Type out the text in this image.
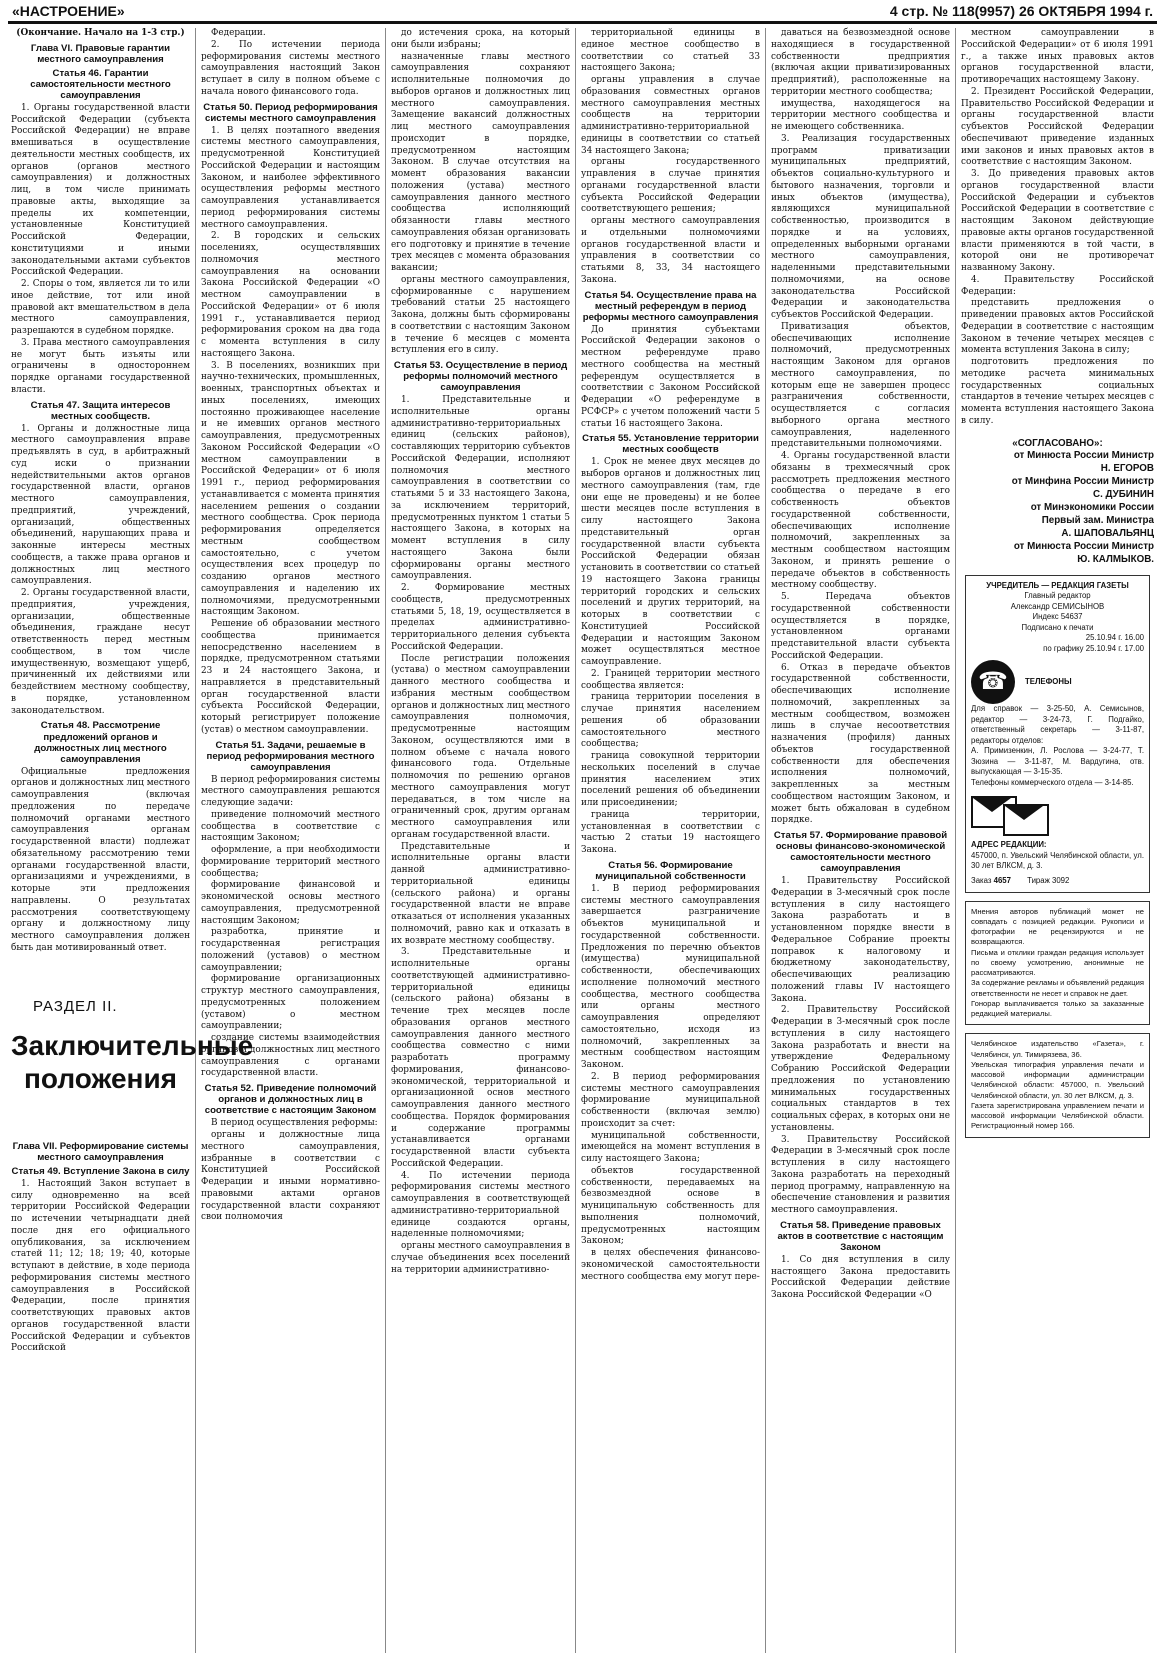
«НАСТРОЕНИЕ»	4 стр. № 118(9957) 26 ОКТЯБРЯ 1994 г.

(Окончание. Начало на 1-3 стр.)

Глава VI. Правовые гарантии местного самоуправления
Статья 46. Гарантии самостоятельности местного самоуправления

1. Органы государственной власти Российской Федерации (субъекта Российской Федерации) не вправе вмешиваться в осуществление деятельности местных сообществ, их органов (органов местного самоуправления) и должностных лиц, в том числе принимать правовые акты, выходящие за пределы их компетенции, установленные Конституцией Российской Федерации, конституциями и иными законодательными актами субъектов Российской Федерации.

2. Споры о том, является ли то или иное действие, тот или иной правовой акт вмешательством в дела местного самоуправления, разрешаются в судебном порядке.

3. Права местного самоуправления не могут быть изъяты или ограничены в одностороннем порядке органами государственной власти.

Статья 47. Защита интересов местных сообществ.

1. Органы и должностные лица местного самоуправления вправе предъявлять в суд, в арбитражный суд иски о признании недействительными актов органов государственной власти, органов местного самоуправления, предприятий, учреждений, организаций, общественных объединений, нарушающих права и законные интересы местных сообществ, а также права органов и должностных лиц местного самоуправления.

2. Органы государственной власти, предприятия, учреждения, организации, общественные объединения, граждане несут ответственность перед местным сообществом, в том числе имущественную, возмещают ущерб, причиненный их действиями или бездействием местному сообществу, в порядке, установленном законодательством.

Статья 48. Рассмотрение предложений органов и должностных лиц местного самоуправления

Официальные предложения органов и должностных лиц местного самоуправления (включая предложения по передаче полномочий органами местного самоуправления органам государственной власти) подлежат обязательному рассмотрению теми органами государственной власти, организациями и учреждениями, в которые эти предложения направлены. О результатах рассмотрения соответствующему органу и должностному лицу местного самоуправления должен быть дан мотивированный ответ.

РАЗДЕЛ II.
Заключительные положения
Глава VII. Реформирование системы местного самоуправления
Статья 49. Вступление Закона в силу

1. Настоящий Закон вступает в силу одновременно на всей территории Российской Федерации по истечении четырнадцати дней после дня его официального опубликования, за исключением статей 11; 12; 18; 19; 40, которые вступают в действие, в ходе периода реформирования системы местного самоуправления в Российской Федерации, после принятия соответствующих правовых актов органов государственной власти Российской Федерации и субъектов Российской

Федерации.

2. По истечении периода реформирования системы местного самоуправления настоящий Закон вступает в силу в полном объеме с начала нового финансового года.

Статья 50. Период реформирования системы местного самоуправления

1. В целях поэтапного введения системы местного самоуправления, предусмотренной Конституцией Российской Федерации и настоящим Законом, и наиболее эффективного осуществления реформы местного самоуправления устанавливается период реформирования системы местного самоуправления.

2. В городских и сельских поселениях, осуществлявших полномочия местного самоуправления на основании Закона Российской Федерации «О местном самоуправлении в Российской Федерации» от 6 июля 1991 г., устанавливается период реформирования сроком на два года с момента вступления в силу настоящего Закона.

3. В поселениях, возникших при научно-технических, промышленных, военных, транспортных объектах и иных поселениях, имеющих постоянно проживающее население и не имевших органов местного самоуправления, предусмотренных Законом Российской Федерации «О местном самоуправлении в Российской Федерации» от 6 июля 1991 г., период реформирования устанавливается с момента принятия населением решения о создании местного сообщества. Срок периода реформирования определяется местным сообществом самостоятельно, с учетом осуществления всех процедур по созданию органов местного самоуправления и наделению их полномочиями, предусмотренными настоящим Законом.

Решение об образовании местного сообщества принимается непосредственно населением в порядке, предусмотренном статьями 23 и 24 настоящего Закона, и направляется в представительный орган государственной власти субъекта Российской Федерации, который регистрирует положение (устав) о местном самоуправлении.

Статья 51. Задачи, решаемые в период реформирования местного самоуправления

В период реформирования системы местного самоуправления решаются следующие задачи:

приведение полномочий местного сообщества в соответствие с настоящим Законом;

оформление, а при необходимости формирование территорий местного сообщества;

формирование финансовой и экономической основы местного самоуправления, предусмотренной настоящим Законом;

разработка, принятие и государственная регистрация положений (уставов) о местном самоуправлении;

формирование организационных структур местного самоуправления, предусмотренных положением (уставом) о местном самоуправлении;

создание системы взаимодействия органов и должностных лиц местного самоуправления с органами государственной власти.

Статья 52. Приведение полномочий органов и должностных лиц в соответствие с настоящим Законом

В период осуществления реформы:

органы и должностные лица местного самоуправления, избранные в соответствии с Конституцией Российской Федерации и иными нормативно-правовыми актами органов государственной власти сохраняют свои полномочия

до истечения срока, на который они были избраны;

назначенные главы местного самоуправления сохраняют исполнительные полномочия до выборов органов и должностных лиц местного самоуправления. Замещение вакансий должностных лиц местного самоуправления происходит в порядке, предусмотренном настоящим Законом. В случае отсутствия на момент образования вакансии положения (устава) местного самоуправления данного местного сообщества исполняющий обязанности главы местного самоуправления обязан организовать его подготовку и принятие в течение трех месяцев с момента образования вакансии;

органы местного самоуправления, сформированные с нарушением требований статьи 25 настоящего Закона, должны быть сформированы в соответствии с настоящим Законом в течение 6 месяцев с момента вступления его в силу.

Статья 53. Осуществление в период реформы полномочий местного самоуправления

1. Представительные и исполнительные органы административно-территориальных единиц (сельских районов), составляющих территорию субъектов Российской Федерации, исполняют полномочия местного самоуправления в соответствии со статьями 5 и 33 настоящего Закона, за исключением территорий, предусмотренных пунктом 1 статьи 5 настоящего Закона, в которых на момент вступления в силу настоящего Закона были сформированы органы местного самоуправления.

2. Формирование местных сообществ, предусмотренных статьями 5, 18, 19, осуществляется в пределах административно-территориального деления субъекта Российской Федерации.

После регистрации положения (устава) о местном самоуправлении данного местного сообщества и избрания местным сообществом органов и должностных лиц местного самоуправления полномочия, предусмотренные настоящим Законом, осуществляются ими в полном объеме с начала нового финансового года. Отдельные полномочия по решению органов местного самоуправления могут передаваться, в том числе на ограниченный срок, другим органам местного самоуправления или органам государственной власти.

Представительные и исполнительные органы власти данной административно-территориальной единицы (сельского района) и органы государственной власти не вправе отказаться от исполнения указанных полномочий, равно как и отказать в их возврате местному сообществу.

3. Представительные и исполнительные органы соответствующей административно-территориальной единицы (сельского района) обязаны в течение трех месяцев после образования органов местного самоуправления данного местного сообщества совместно с ними разработать программу формирования, финансово-экономической, территориальной и организационной основ местного самоуправления данного местного сообщества. Порядок формирования и содержание программы устанавливается органами государственной власти субъекта Российской Федерации.

4. По истечении периода реформирования системы местного самоуправления в соответствующей административно-территориальной единице создаются органы, наделенные полномочиями;

органы местного самоуправления в случае объединения всех поселений на территории административно-

территориальной единицы в единое местное сообщество в соответствии со статьей 33 настоящего Закона;

органы управления в случае образования совместных органов местного самоуправления местных сообществ на территории административно-территориальной единицы в соответствии со статьей 34 настоящего Закона;

органы государственного управления в случае принятия органами государственной власти субъекта Российской Федерации соответствующего решения;

органы местного самоуправления и отдельными полномочиями органов государственной власти и управления в соответствии со статьями 8, 33, 34 настоящего Закона.

Статья 54. Осуществление права на местный референдум в период реформы местного самоуправления

До принятия субъектами Российской Федерации законов о местном референдуме право местного сообщества на местный референдум осуществляется в соответствии с Законом Российской Федерации «О референдуме в РСФСР» с учетом положений части 5 статьи 16 настоящего Закона.

Статья 55. Установление территории местных сообществ

1. Срок не менее двух месяцев до выборов органов и должностных лиц местного самоуправления (там, где они еще не проведены) и не более шести месяцев после вступления в силу настоящего Закона представительный орган государственной власти субъекта Российской Федерации обязан установить в соответствии со статьей 19 настоящего Закона границы территорий городских и сельских поселений и других территорий, на которых в соответствии с Конституцией Российской Федерации и настоящим Законом может осуществляться местное самоуправление.

2. Границей территории местного сообщества является:

граница территории поселения в случае принятия населением решения об образовании самостоятельного местного сообщества;

граница совокупной территории нескольких поселений в случае принятия населением этих поселений решения об объединении или присоединении;

граница территории, установленная в соответствии с частью 2 статьи 19 настоящего Закона.

Статья 56. Формирование муниципальной собственности

1. В период реформирования системы местного самоуправления завершается разграничение объектов муниципальной и государственной собственности. Предложения по перечню объектов (имущества) муниципальной собственности, обеспечивающих исполнение полномочий местного сообщества, местного сообщества или органы местного самоуправления определяют самостоятельно, исходя из полномочий, закрепленных за местным сообществом настоящим Законом.

2. В период реформирования системы местного самоуправления формирование муниципальной собственности (включая землю) происходит за счет:

муниципальной собственности, имеющейся на момент вступления в силу настоящего Закона;

объектов государственной собственности, передаваемых на безвозмездной основе в муниципальную собственность для выполнения полномочий, предусмотренных настоящим Законом;

в целях обеспечения финансово-экономической самостоятельности местного сообщества ему могут пере-

даваться на безвозмездной основе находящиеся в государственной собственности предприятия (включая акции приватизированных предприятий), расположенные на территории местного сообщества;

имущества, находящегося на территории местного сообщества и не имеющего собственника.

3. Реализация государственных программ приватизации муниципальных предприятий, объектов социально-культурного и бытового назначения, торговли и иных объектов (имущества), являющихся муниципальной собственностью, производится в порядке и на условиях, определенных выборными органами местного самоуправления, наделенными представительными полномочиями, на основе законодательства Российской Федерации и законодательства субъектов Российской Федерации.

Приватизация объектов, обеспечивающих исполнение полномочий, предусмотренных настоящим Законом для органов местного самоуправления, по которым еще не завершен процесс разграничения собственности, осуществляется с согласия выборного органа местного самоуправления, наделенного представительными полномочиями.

4. Органы государственной власти обязаны в трехмесячный срок рассмотреть предложения местного сообщества о передаче в его собственность объектов государственной собственности, обеспечивающих исполнение полномочий, закрепленных за местным сообществом настоящим Законом, и принять решение о передаче объектов в собственность местному сообществу.

5. Передача объектов государственной собственности осуществляется в порядке, установленном органами представительной власти субъекта Российской Федерации.

6. Отказ в передаче объектов государственной собственности, обеспечивающих исполнение полномочий, закрепленных за местным сообществом, возможен лишь в случае несоответствия назначения (профиля) данных объектов государственной собственности для обеспечения исполнения полномочий, закрепленных за местным сообществом настоящим Законом, и может быть обжалован в судебном порядке.

Статья 57. Формирование правовой основы финансово-экономической самостоятельности местного самоуправления

1. Правительству Российской Федерации в 3-месячный срок после вступления в силу настоящего Закона разработать и в установленном порядке внести в Федеральное Собрание проекты поправок к налоговому и бюджетному законодательству, обеспечивающих реализацию положений главы IV настоящего Закона.

2. Правительству Российской Федерации в 3-месячный срок после вступления в силу настоящего Закона разработать и внести на утверждение Федеральному Собранию Российской Федерации предложения по установлению минимальных государственных социальных стандартов в тех социальных сферах, в которых они не установлены.

3. Правительству Российской Федерации в 3-месячный срок после вступления в силу настоящего Закона разработать на переходный период программу, направленную на обеспечение становления и развития местного самоуправления.

Статья 58. Приведение правовых актов в соответствие с настоящим Законом

1. Со дня вступления в силу настоящего Закона предоставить Российской Федерации действие Закона Российской Федерации «О

местном самоуправлении в Российской Федерации» от 6 июля 1991 г., а также иных правовых актов органов государственной власти, противоречащих настоящему Закону.

2. Президент Российской Федерации, Правительство Российской Федерации и органы государственной власти субъектов Российской Федерации обеспечивают приведение изданных ими законов и иных правовых актов в соответствие с настоящим Законом.

3. До приведения правовых актов органов государственной власти Российской Федерации и субъектов Российской Федерации в соответствие с настоящим Законом действующие правовые акты органов государственной власти применяются в той части, в которой они не противоречат названному Закону.

4. Правительству Российской Федерации:

представить предложения о приведении правовых актов Российской Федерации в соответствие с настоящим Законом в течение четырех месяцев с момента вступления Закона в силу;

подготовить предложения по методике расчета минимальных государственных социальных стандартов в течение четырех месяцев с момента вступления настоящего Закона в силу.

«СОГЛАСОВАНО»:

от Минюста России Министр

Н. ЕГОРОВ

от Минфина России Министр

С. ДУБИНИН

от Минэкономики России

Первый зам. Министра

А. ШАПОВАЛЬЯНЦ

от Минюста России Министр

Ю. КАЛМЫКОВ.

УЧРЕДИТЕЛЬ — РЕДАКЦИЯ ГАЗЕТЫ

Главный редактор

Александр СЕМИСЫНОВ

Индекс 54637

Подписано к печати

25.10.94 г. 16.00

по графику 25.10.94 г. 17.00

☎	ТЕЛЕФОНЫ

Для справок — 3-25-50, А. Семисынов, редактор — 3-24-73, Г. Подгайко, ответственный секретарь — 3-11-87, редакторы отделов:

А. Примизенкин, Л. Рослова — 3-24-77, Т. Зюзина — 3-11-87, М. Вардугина, отв. выпускающая — 3-15-35.

Телефоны коммерческого отдела — 3-14-85.

АДРЕС РЕДАКЦИИ:

457000, п. Увельский Челябинской области, ул. 30 лет ВЛКСМ, д. 3.

Заказ 4657 Тираж 3092

Мнения авторов публикаций может не совпадать с позицией редакции. Рукописи и фотографии не рецензируются и не возвращаются.

Письма и отклики граждан редакция использует по своему усмотрению, анонимные не рассматриваются.

За содержание рекламы и объявлений редакция ответственности не несет и справок не дает.

Гонорар выплачивается только за заказанные редакцией материалы.

Челябинское издательство «Газета», г. Челябинск, ул. Тимирязева, 36.

Увельская типография управления печати и массовой информации администрации Челябинской области: 457000, п. Увельский Челябинской области, ул. 30 лет ВЛКСМ, д. 3.

Газета зарегистрирована управлением печати и массовой информации Челябинской области. Регистрационный номер 166.
